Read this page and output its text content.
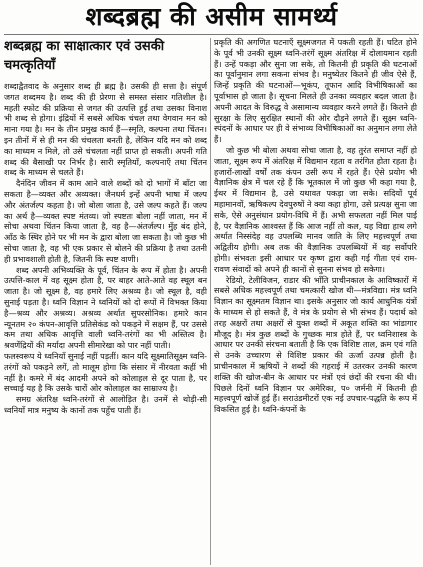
शब्दब्रह्म की असीम सामर्थ्य
शब्दब्रह्म का साक्षात्कार एवं उसकी चमत्कृतियाँ

शब्दाद्वैतवाद के अनुसार शब्द ही ब्रह्म है। उसकी ही सत्ता है। संपूर्ण जगत शब्दमय है। शब्द की ही प्रेरणा से समस्त संसार गतिशील है। महती स्फोट की प्रक्रिया से जगत की उत्पत्ति हुई तथा उसका विनाश भी शब्द से होगा। इंद्रियों में सबसे अधिक चंचल तथा वेगवान मन को माना गया है। मन के तीन प्रमुख कार्य हैं—स्मृति, कल्पना तथा चिंतन। इन तीनों में से ही मन की चंचलता बनती है, लेकिन यदि मन को शब्द का माध्यम न मिले, तो उसे चंचलता नहीं प्राप्त हो सकती। अपनी गति शब्द की बैसाखी पर निर्भर है। सारी स्मृतियाँ, कल्पनाएँ तथा चिंतन शब्द के माध्यम से चलते हैं।

दैनंदिन जीवन में काम आने वाले शब्दों को दो भागों में बाँटा जा सकता है—व्यक्त और अव्यक्त। जैनधर्म इन्हें अपनी भाषा में जल्प और अंतर्जल्प कहता है। जो बोला जाता है, उसे जल्प कहते हैं। जल्प का अर्थ है—व्यक्त स्पष्ट मंतव्य। जो स्पष्टतः बोला नहीं जाता, मन में सोचा अथवा चिंतन किया जाता है, वह है—अंतर्जल्प। मुँह बंद होने, आँठ के स्थिर होने पर भी मन के द्वारा बोला जा सकता है। जो कुछ भी सोचा जाता है, वह भी एक प्रकार से बोलने की प्रक्रिया है तथा उतनी ही प्रभावशाली होती है, जितनी कि स्पष्ट वाणी।

शब्द अपनी अभिव्यक्ति के पूर्व, चिंतन के रूप में होता है। अपनी उत्पत्ति-काल में वह सूक्ष्म होता है, पर बाहर आते-आते वह स्थूल बन जाता है। जो सूक्ष्म है, वह हमारे लिए अश्रव्य है। जो स्थूल है, वही सुनाई पड़ता है। ध्वनि विज्ञान ने ध्वनियों को दो रूपों में विभक्त किया है—श्रव्य और अश्रव्य। अश्रव्य अर्थात सुपरसोनिक। हमारे कान न्यूनतम २० कंपन-आवृत्ति प्रतिसेकंड को पकड़ने में सक्षम हैं, पर उससे कम तथा अधिक आवृत्ति वाली ध्वनि-तरंगों का भी अस्तित्व है। श्रवणेंद्रियों की मर्यादा अपनी सीमारेखा को पार नहीं पाती।

फलस्वरूप ये ध्वनियाँ सुनाई नहीं पड़तीं। कान यदि सूक्ष्मातिसूक्ष्म ध्वनि-तरंगों को पकड़ने लगें, तो मालूम होगा कि संसार में नीरवता कहीं भी नहीं है। कमरे में बंद आदमी अपने को कोलाहल से दूर पाता है, पर सच्चाई यह है कि उसके चारों ओर कोलाहल का साम्राज्य है।

समग्र अंतरिक्ष ध्वनि-तरंगों से आलोड़ित है। उनमें से थोड़ी-सी ध्वनियाँ मात्र मनुष्य के कानों तक पहुँच पाती हैं।

प्रकृति की अगणित घटनाएँ सूक्ष्मजगत में पकती रहती हैं। घटित होने के पूर्व भी उनकी सूक्ष्म ध्वनि-तरंगें सूक्ष्म अंतरिक्ष में दोलायमान रहती हैं। उन्हें पकड़ा और सुना जा सके, तो कितनी ही प्रकृति की घटनाओं का पूर्वानुमान लगा सकना संभव है। मनुष्येतर कितने ही जीव ऐसे हैं, जिन्हें प्रकृति की घटनाओं—भूकंप, तूफान आदि विभीषिकाओं का पूर्वाभास हो जाता है। सूचना मिलते ही उनका व्यवहार बदल जाता है। अपनी आदत के विरुद्ध वे असामान्य व्यवहार करने लगते हैं। कितने ही सुरक्षा के लिए सुरक्षित स्थानों की ओर दौड़ने लगते हैं। सूक्ष्म ध्वनि-स्पंदनों के आधार पर ही वे संभाव्य विभीषिकाओं का अनुमान लगा लेते हैं।

जो कुछ भी बोला अथवा सोचा जाता है, वह तुरंत समाप्त नहीं हो जाता, सूक्ष्म रूप में अंतरिक्ष में विद्यमान रहता व तरंगित होता रहता है। हजारों-लाखों वर्षों तक कंपन उसी रूप में रहते हैं। ऐसे प्रयोग भी वैज्ञानिक क्षेत्र में चल रहे हैं कि भूतकाल में जो कुछ भी कहा गया है, ईथर में विद्यमान है, उसे यथावत पकड़ा जा सके। सदियों पूर्व महामानवों, ऋषिकल्प देवपुरुषों ने क्या कहा होगा, उसे प्रत्यक्ष सुना जा सके, ऐसे अनुसंधान प्रयोग-विधि में हैं। अभी सफलता नहीं मिल पाई है, पर वैज्ञानिक आश्वस्त हैं कि आज नहीं तो कल, यह विद्या हाथ लगे अर्थात निस्संदेह वह उपलब्धि मानव जाति के लिए महत्त्वपूर्ण तथा अद्वितीय होगी। अब तक की वैज्ञानिक उपलब्धियों में वह सर्वोपरि होगी। संभवतः इसी आधार पर कृष्ण द्वारा कही गई गीता एवं राम-रावण संवादों को अपने ही कानों से सुनना संभव हो सकेगा।

रेडियो, टेलीविजन, राडार की भाँति प्राचीनकाल के आविष्कारों में सबसे अधिक महत्त्वपूर्ण तथा चमत्कारी खोज थी—मंत्रविद्या। मंत्र ध्वनि विज्ञान का सूक्ष्मतम विज्ञान था। इसके अनुसार जो कार्य आधुनिक यंत्रों के माध्यम से हो सकते हैं, वे मंत्र के प्रयोग से भी संभव हैं। पदार्थ को तरह अक्षरों तथा अक्षरों से युक्त शब्दों में अकूत शक्ति का भांडागार मौजूद है। मंत्र कुछ शब्दों के गुच्छक मात्र होते हैं, पर ध्वनिशास्त्र के आधार पर उनकी संरचना बताती है कि एक विशिष्ट ताल, क्रम एवं गति से उनके उच्चारण से विशिष्ट प्रकार की ऊर्जा उत्पन्न होती है। प्राचीनकाल में ऋषियों ने शब्दों की गहराई में उतरकर उनकी कारण शक्ति की खोज-बीन के आधार पर मंत्रों एवं छंदों की रचना की थी। पिछले दिनों ध्वनि विज्ञान पर अमेरिका, प० जर्मनी में कितनी ही महत्त्वपूर्ण खोजें हुई हैं। सराउंडमीटरों एक नई उपचार-पद्धति के रूप में विकसित हुई है। ध्वनि-कंपनों के
